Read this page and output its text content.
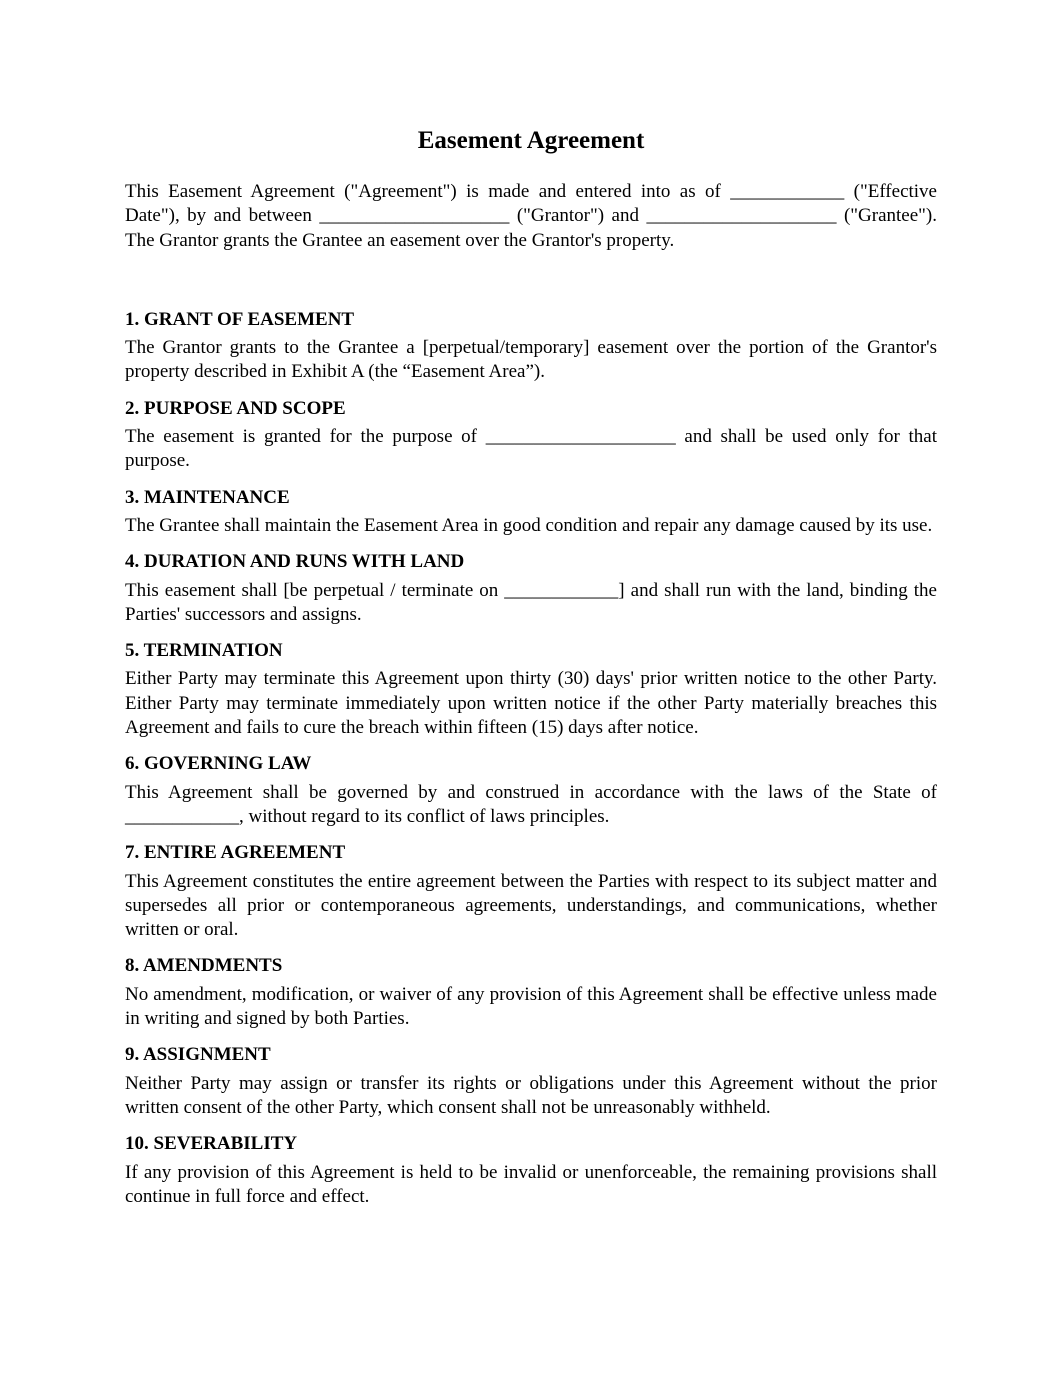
Easement Agreement

This Easement Agreement ("Agreement") is made and entered into as of ____________ ("Effective Date"), by and between ____________________ ("Grantor") and ____________________ ("Grantee"). The Grantor grants the Grantee an easement over the Grantor's property.

1. GRANT OF EASEMENT

The Grantor grants to the Grantee a [perpetual/temporary] easement over the portion of the Grantor's property described in Exhibit A (the “Easement Area”).

2. PURPOSE AND SCOPE

The easement is granted for the purpose of ____________________ and shall be used only for that purpose.

3. MAINTENANCE

The Grantee shall maintain the Easement Area in good condition and repair any damage caused by its use.

4. DURATION AND RUNS WITH LAND

This easement shall [be perpetual / terminate on ____________] and shall run with the land, binding the Parties' successors and assigns.

5. TERMINATION

Either Party may terminate this Agreement upon thirty (30) days' prior written notice to the other Party. Either Party may terminate immediately upon written notice if the other Party materially breaches this Agreement and fails to cure the breach within fifteen (15) days after notice.

6. GOVERNING LAW

This Agreement shall be governed by and construed in accordance with the laws of the State of ____________, without regard to its conflict of laws principles.

7. ENTIRE AGREEMENT

This Agreement constitutes the entire agreement between the Parties with respect to its subject matter and supersedes all prior or contemporaneous agreements, understandings, and communications, whether written or oral.

8. AMENDMENTS

No amendment, modification, or waiver of any provision of this Agreement shall be effective unless made in writing and signed by both Parties.

9. ASSIGNMENT

Neither Party may assign or transfer its rights or obligations under this Agreement without the prior written consent of the other Party, which consent shall not be unreasonably withheld.

10. SEVERABILITY

If any provision of this Agreement is held to be invalid or unenforceable, the remaining provisions shall continue in full force and effect.
